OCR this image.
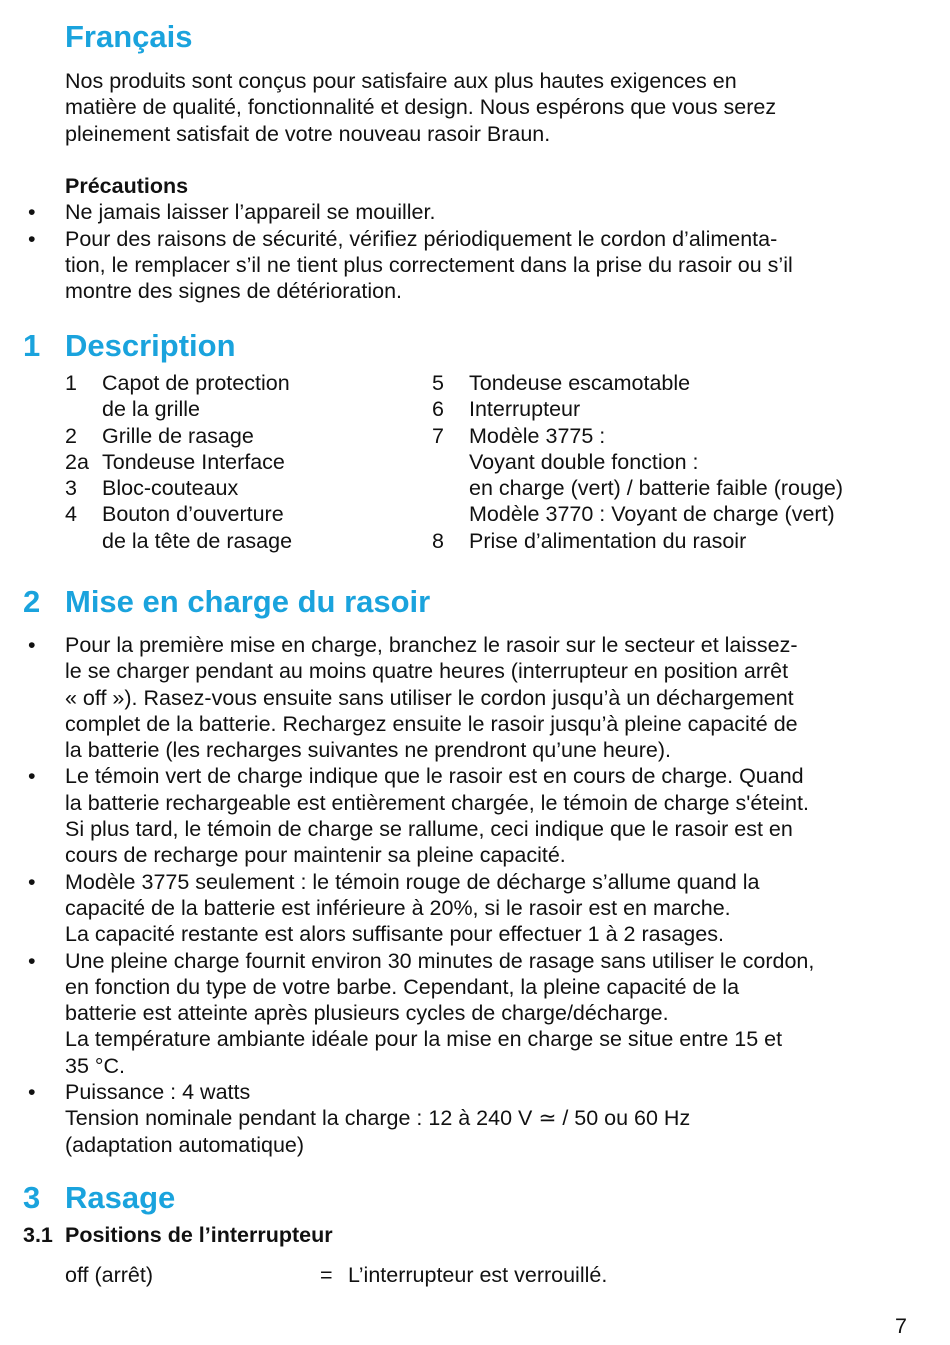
Français
Nos produits sont conçus pour satisfaire aux plus hautes exigences en
matière de qualité, fonctionnalité et design. Nous espérons que vous serez
pleinement satisfait de votre nouveau rasoir Braun.
Précautions
• Ne jamais laisser l’appareil se mouiller.
• Pour des raisons de sécurité, vérifiez périodiquement le cordon d’alimenta-
tion, le remplacer s’il ne tient plus correctement dans la prise du rasoir ou s’il
montre des signes de détérioration.
1 Description
1 Capot de protection
de la grille
2 Grille de rasage
2a Tondeuse Interface
3 Bloc-couteaux
4 Bouton d’ouverture
de la tête de rasage
5 Tondeuse escamotable
6 Interrupteur
7 Modèle 3775 :
Voyant double fonction :
en charge (vert) / batterie faible (rouge)
Modèle 3770 : Voyant de charge (vert)
8 Prise d’alimentation du rasoir
2 Mise en charge du rasoir
• Pour la première mise en charge, branchez le rasoir sur le secteur et laissez-
le se charger pendant au moins quatre heures (interrupteur en position arrêt
« off »). Rasez-vous ensuite sans utiliser le cordon jusqu’à un déchargement
complet de la batterie. Rechargez ensuite le rasoir jusqu’à pleine capacité de
la batterie (les recharges suivantes ne prendront qu’une heure).
• Le témoin vert de charge indique que le rasoir est en cours de charge. Quand
la batterie rechargeable est entièrement chargée, le témoin de charge s'éteint.
Si plus tard, le témoin de charge se rallume, ceci indique que le rasoir est en
cours de recharge pour maintenir sa pleine capacité.
• Modèle 3775 seulement : le témoin rouge de décharge s’allume quand la
capacité de la batterie est inférieure à 20%, si le rasoir est en marche.
La capacité restante est alors suffisante pour effectuer 1 à 2 rasages.
• Une pleine charge fournit environ 30 minutes de rasage sans utiliser le cordon,
en fonction du type de votre barbe. Cependant, la pleine capacité de la
batterie est atteinte après plusieurs cycles de charge/décharge.
La température ambiante idéale pour la mise en charge se situe entre 15 et
35 °C.
• Puissance : 4 watts
Tension nominale pendant la charge : 12 à 240 V ≃ / 50 ou 60 Hz
(adaptation automatique)
3 Rasage
3.1 Positions de l’interrupteur
off (arrêt)	= L’interrupteur est verrouillé.
7
